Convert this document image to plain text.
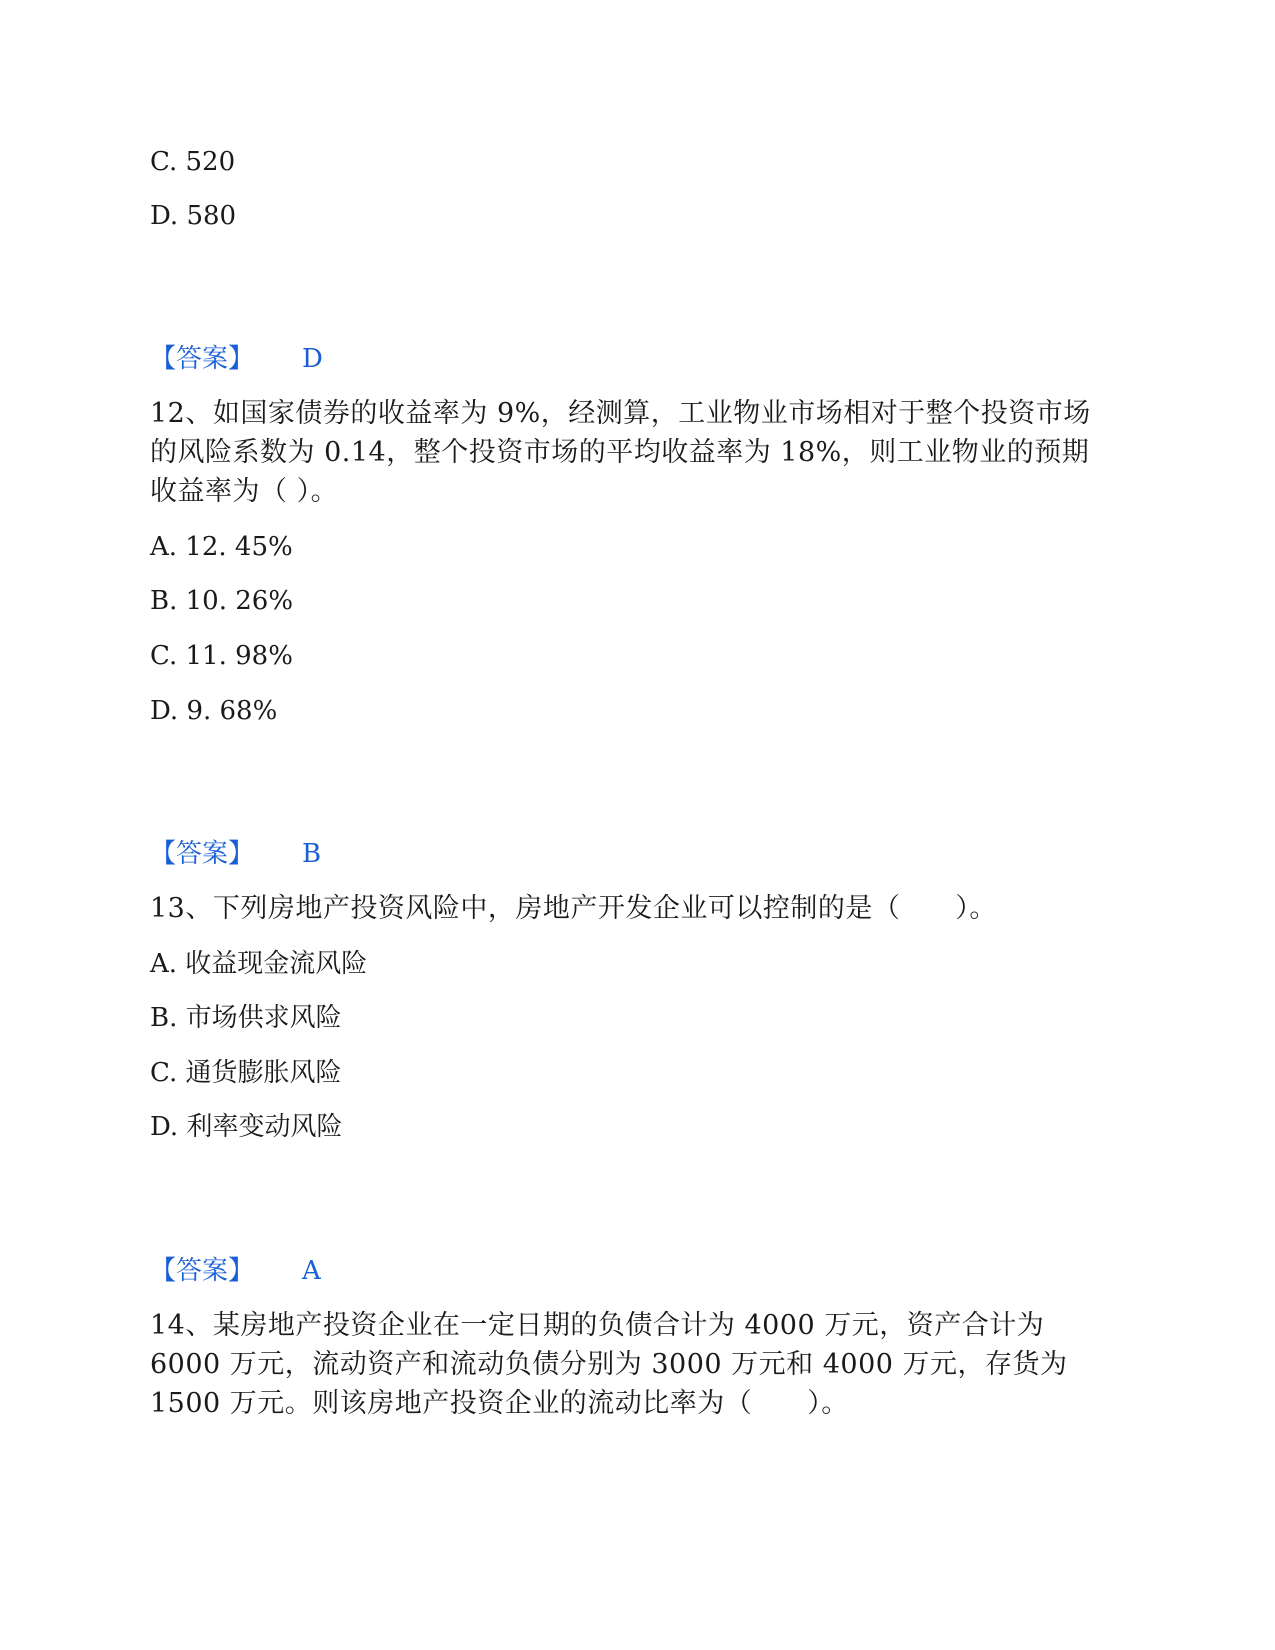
C. 520
D. 580
【答案】 D
12、如国家债券的收益率为 9%，经测算，工业物业市场相对于整个投资市场
的风险系数为 0.14，整个投资市场的平均收益率为 18%，则工业物业的预期
收益率为（ ）。
A. 12. 45%
B. 10. 26%
C. 11. 98%
D. 9. 68%
【答案】 B
13、下列房地产投资风险中，房地产开发企业可以控制的是（　　）。
A. 收益现金流风险
B. 市场供求风险
C. 通货膨胀风险
D. 利率变动风险
【答案】 A
14、某房地产投资企业在一定日期的负债合计为 4000 万元，资产合计为
6000 万元，流动资产和流动负债分别为 3000 万元和 4000 万元，存货为
1500 万元。则该房地产投资企业的流动比率为（　　）。
